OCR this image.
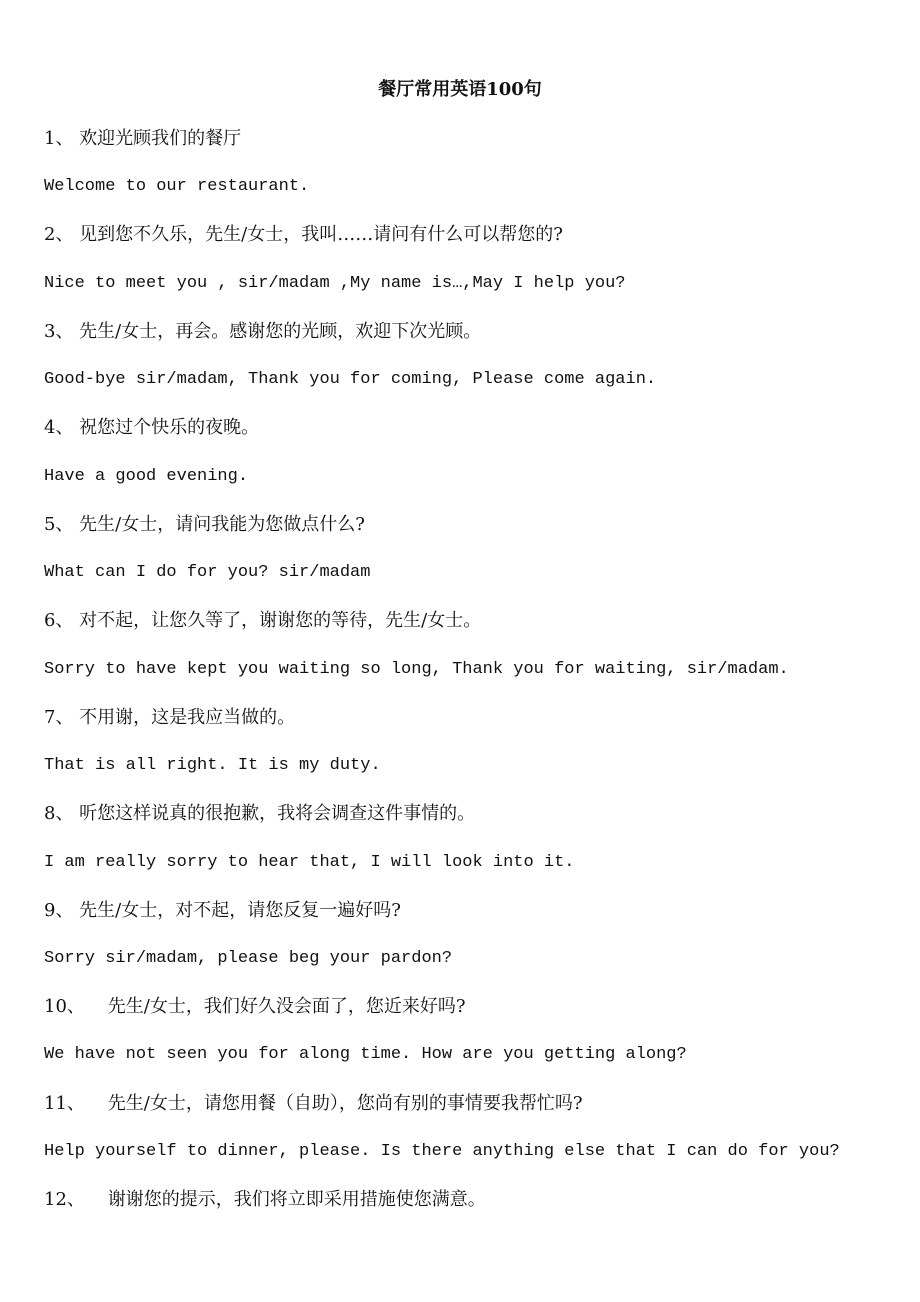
餐厅常用英语100句
1、 欢迎光顾我们的餐厅
Welcome to our restaurant.
2、 见到您不久乐，先生/女士，我叫……请问有什么可以帮您的?
Nice to meet you , sir/madam ,My name is…,May I help you?
3、 先生/女士，再会。感谢您的光顾，欢迎下次光顾。
Good-bye sir/madam, Thank you for coming, Please come again.
4、 祝您过个快乐的夜晚。
Have a good evening.
5、 先生/女士，请问我能为您做点什么?
What can I do for you? sir/madam
6、 对不起，让您久等了，谢谢您的等待，先生/女士。
Sorry to have kept you waiting so long, Thank you for waiting, sir/madam.
7、 不用谢，这是我应当做的。
That is all right. It is my duty.
8、 听您这样说真的很抱歉，我将会调查这件事情的。
I am really sorry to hear that, I will look into it.
9、 先生/女士，对不起，请您反复一遍好吗?
Sorry sir/madam, please beg your pardon?
10、    先生/女士，我们好久没会面了，您近来好吗?
We have not seen you for along time. How are you getting along?
11、    先生/女士，请您用餐（自助），您尚有别的事情要我帮忙吗?
Help yourself to dinner, please. Is there anything else that I can do for you?
12、    谢谢您的提示，我们将立即采用措施使您满意。
